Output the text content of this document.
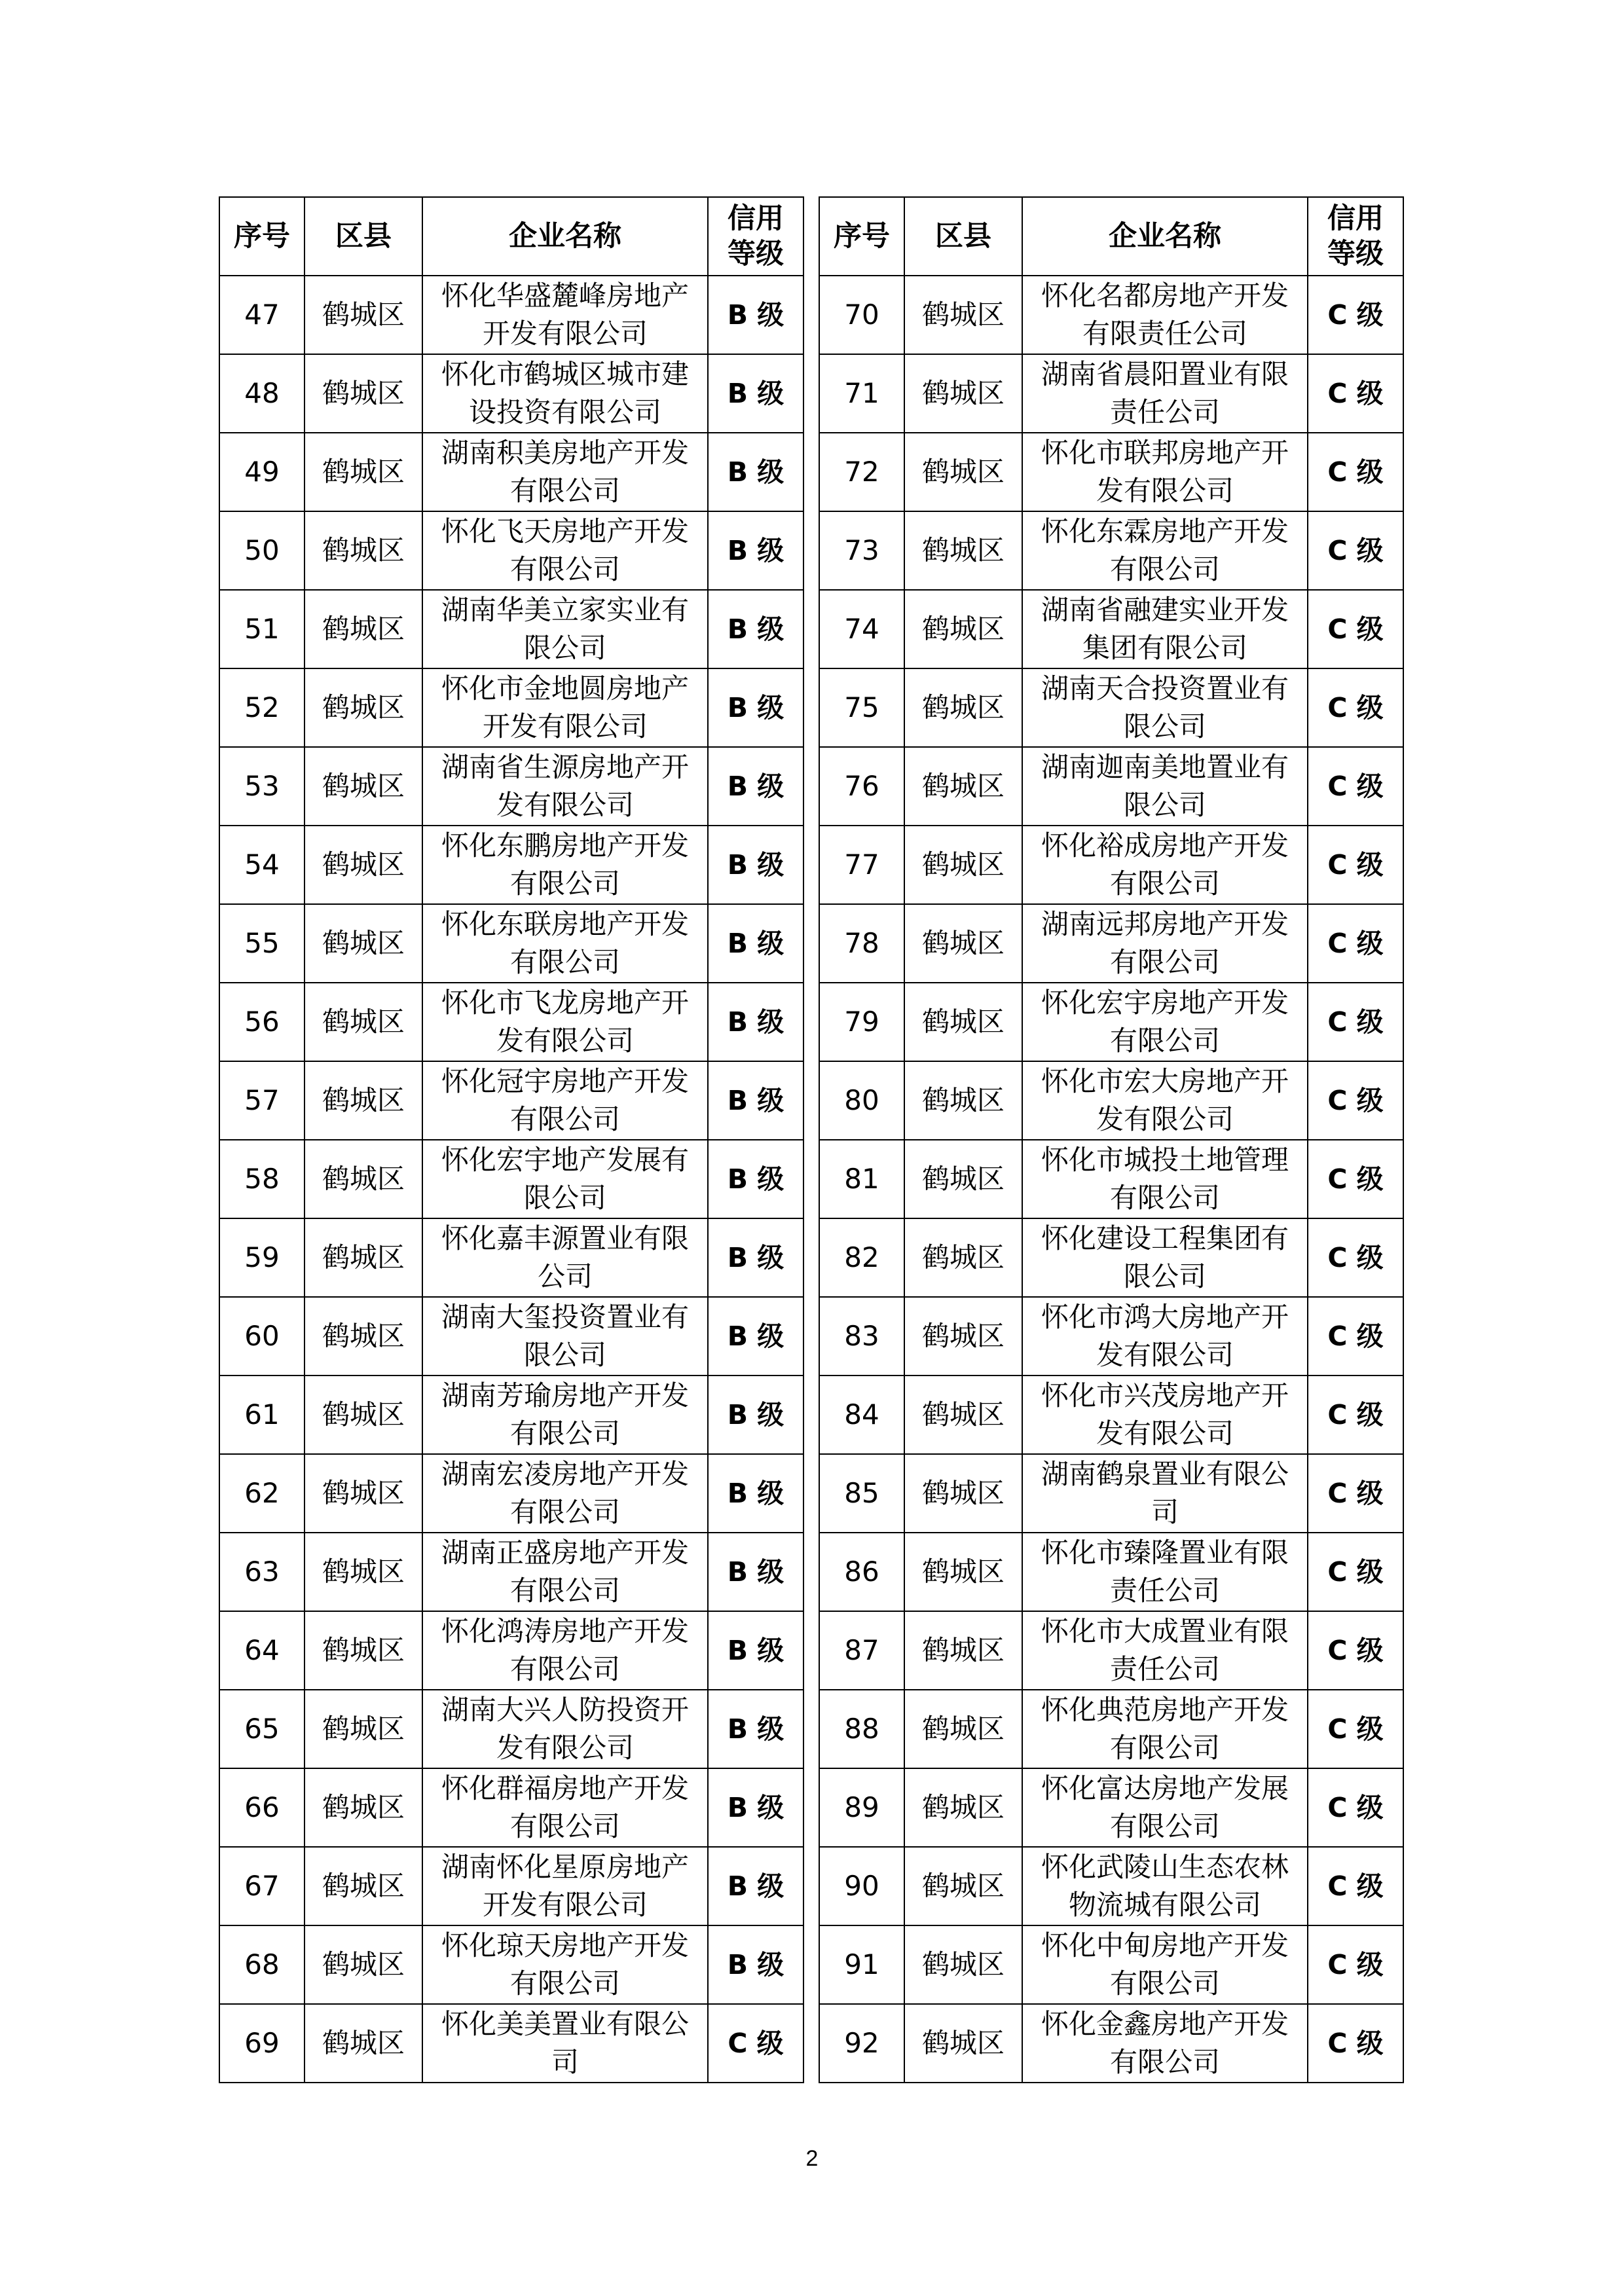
序号	区县	企业名称	信用
等级

47	鹤城区	怀化华盛麓峰房地产开发有限公司	B 级
48	鹤城区	怀化市鹤城区城市建设投资有限公司	B 级
49	鹤城区	湖南积美房地产开发有限公司	B 级
50	鹤城区	怀化飞天房地产开发有限公司	B 级
51	鹤城区	湖南华美立家实业有限公司	B 级
52	鹤城区	怀化市金地圆房地产开发有限公司	B 级
53	鹤城区	湖南省生源房地产开发有限公司	B 级
54	鹤城区	怀化东鹏房地产开发有限公司	B 级
55	鹤城区	怀化东联房地产开发有限公司	B 级
56	鹤城区	怀化市飞龙房地产开发有限公司	B 级
57	鹤城区	怀化冠宇房地产开发有限公司	B 级
58	鹤城区	怀化宏宇地产发展有限公司	B 级
59	鹤城区	怀化嘉丰源置业有限公司	B 级
60	鹤城区	湖南大玺投资置业有限公司	B 级
61	鹤城区	湖南芳瑜房地产开发有限公司	B 级
62	鹤城区	湖南宏凌房地产开发有限公司	B 级
63	鹤城区	湖南正盛房地产开发有限公司	B 级
64	鹤城区	怀化鸿涛房地产开发有限公司	B 级
65	鹤城区	湖南大兴人防投资开发有限公司	B 级
66	鹤城区	怀化群福房地产开发有限公司	B 级
67	鹤城区	湖南怀化星原房地产开发有限公司	B 级
68	鹤城区	怀化琼天房地产开发有限公司	B 级
69	鹤城区	怀化美美置业有限公司	C 级
序号	区县	企业名称	信用
等级

70	鹤城区	怀化名都房地产开发有限责任公司	C 级
71	鹤城区	湖南省晨阳置业有限责任公司	C 级
72	鹤城区	怀化市联邦房地产开发有限公司	C 级
73	鹤城区	怀化东霖房地产开发有限公司	C 级
74	鹤城区	湖南省融建实业开发集团有限公司	C 级
75	鹤城区	湖南天合投资置业有限公司	C 级
76	鹤城区	湖南迦南美地置业有限公司	C 级
77	鹤城区	怀化裕成房地产开发有限公司	C 级
78	鹤城区	湖南远邦房地产开发有限公司	C 级
79	鹤城区	怀化宏宇房地产开发有限公司	C 级
80	鹤城区	怀化市宏大房地产开发有限公司	C 级
81	鹤城区	怀化市城投土地管理有限公司	C 级
82	鹤城区	怀化建设工程集团有限公司	C 级
83	鹤城区	怀化市鸿大房地产开发有限公司	C 级
84	鹤城区	怀化市兴茂房地产开发有限公司	C 级
85	鹤城区	湖南鹤泉置业有限公司	C 级
86	鹤城区	怀化市臻隆置业有限责任公司	C 级
87	鹤城区	怀化市大成置业有限责任公司	C 级
88	鹤城区	怀化典范房地产开发有限公司	C 级
89	鹤城区	怀化富达房地产发展有限公司	C 级
90	鹤城区	怀化武陵山生态农林物流城有限公司	C 级
91	鹤城区	怀化中甸房地产开发有限公司	C 级
92	鹤城区	怀化金鑫房地产开发有限公司	C 级
2
